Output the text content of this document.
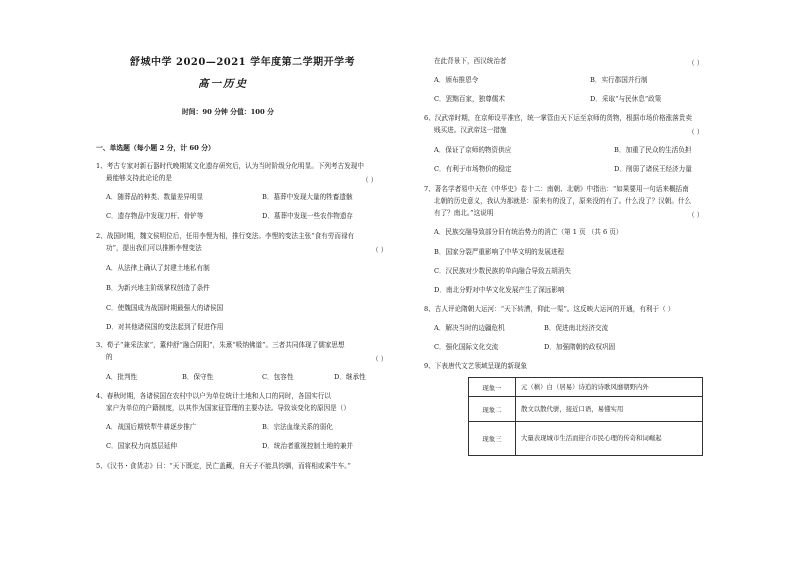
舒城中学 2020—2021 学年度第二学期开学考
高一历史
时间：90 分钟 分值：100 分
一、单选题（每小题 2 分，计 60 分）
1、考古专家对新石器时代晚期某文化遗存研究后，认为当时阶级分化明显。下列考古发现中
最能够支持此论论的是	（ ）
A．随葬品的种类、数量差异明显	B．墓葬中发现大量的牲畜遗骸
C．遗存物品中发现刀杆、骨铲等	D．墓葬中发现一些农作物遗存
2、战国时期，魏文侯明位后，任用李悝为相，推行变法。李悝的变法主张“食有劳而禄有
功”，提出我们可以推断李悝变法	（ ）
A．从法律上确认了封建土地私有制
B．为新兴地主阶级掌权创造了条件
C．使魏国成为战国时期最强大的诸侯国
D．对其他诸侯国的变法起到了促进作用
3、荀子“兼采法家”，董仲舒“融合阴阳”，朱熹“吸纳佛道”。三者共同体现了儒家思想
的	（ ）
A．批判性	B．保守性	C．包容性	D．继承性
4、春秋时期，各诸侯国在农村中以户为单位统计土地和人口的同时，各国实行以
家户为单位的户籍制度，以其作为国家征管理的主要办法。导致该变化的原因是（）
A．战国后期铁犁牛耕逐步推广	B．宗法血缘关系的弱化
C．国家权力向基层延伸	D．统治者重视控制土地的兼并
5、《汉书・食货志》曰：“天下既定，民亡盖藏，自天子不能具钧驷，而将相或乘牛车。”
在此背景下，西汉统治者	（ ）
A．颁布推恩令	B．实行郡国并行制
C．罢黜百家，独尊儒术	D．采取“与民休息”政策
6、汉武帝时期，在京师设平准官，统一掌管由天下运至京师的货物，根据市场价格涨落贵卖
贱买进。汉武帝这一措施	（ ）
A．保证了京师的物资供应	B．加重了民众的生活负担
C．有利于市场物价的稳定	D．削弱了诸侯王经济力量
7、著名学者易中天在《中华史》卷十二：南朝、北朝》中指出：“如果要用一句话来概括南
北朝的历史意义，我认为那就是：原来有的没了，原来没的有了。什么没了？汉朝。什么
有了？南北。”这说明	（ ）
A．民族交融导致部分旧有统治势力的消亡（第 1 页 （共 6 页）
B．国家分裂严重影响了中华文明的发展进程
C．汉民族对少数民族的单向融合导致五胡消失
D．南北分野对中华文化发展产生了深远影响
8、古人评论隋朝大运河：“天下转漕，仰此一渠”。这反映大运河的开通，有利于（ ）
A．解决当时的边疆危机	B．促进南北经济交流
C．强化国际文化交流	D．加强隋朝的政权巩固
9、下表唐代文艺领域呈现的新现象
现象一	元（稹）白（居易）诗追的诗歌风靡朝野内外
现象二	散文以散代骈，接近口语，易懂实用
现象三	大量表现城市生活而迎合市民心理的传奇和词崛起
